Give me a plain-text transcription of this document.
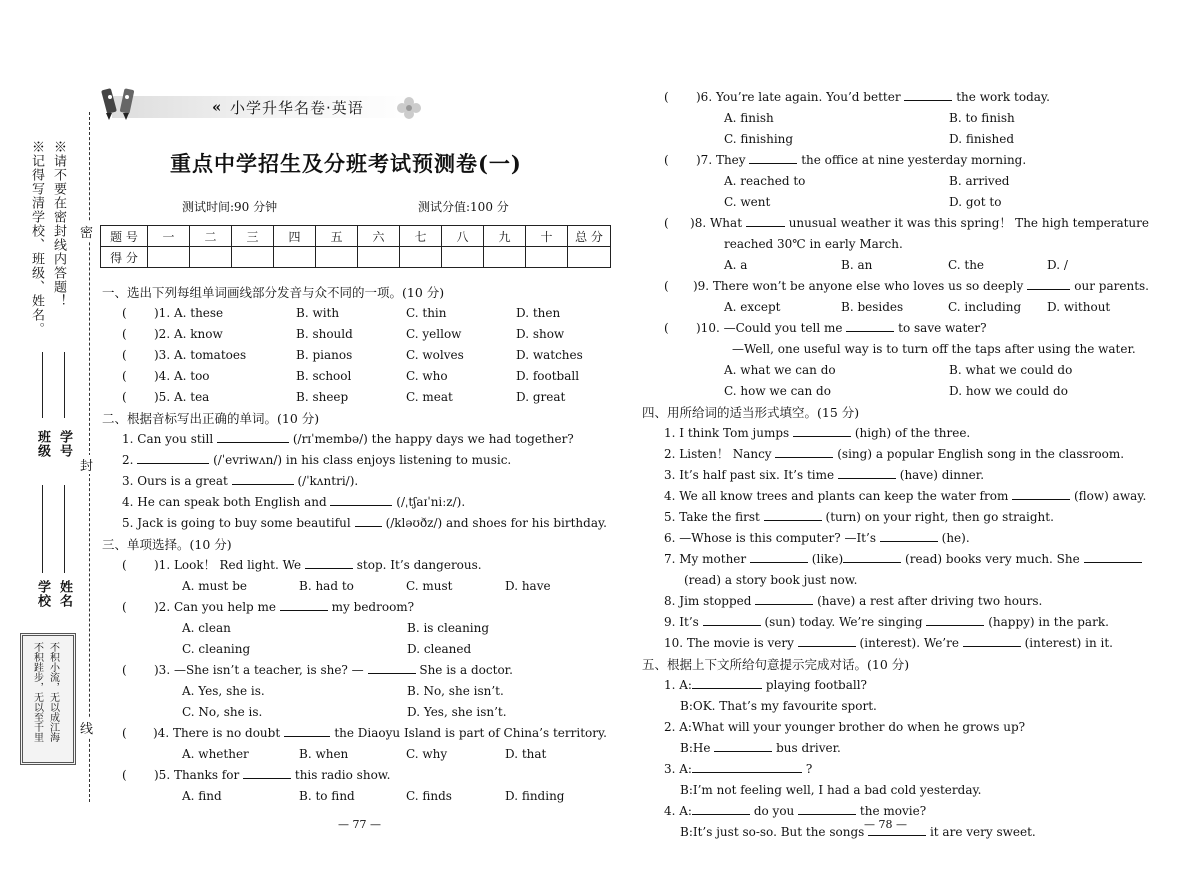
※记得写清学校、班级、姓名。 ※请不要在密封线内答题！
班级 学号
学校 姓名
不积小流，无以成江海
不积跬步，无以至千里
密
封
线
« 小学升华名卷·英语
重点中学招生及分班考试预测卷(一)
测试时间:90 分钟	测试分值:100 分
题 号	一	二	三	四	五	六	七	八	九	十	总 分
得 分											
一、选出下列每组单词画线部分发音与众不同的一项。(10 分)
(	)1. A. these	B. with	C. thin	D. then
(	)2. A. know	B. should	C. yellow	D. show
(	)3. A. tomatoes	B. pianos	C. wolves	D. watches
(	)4. A. too	B. school	C. who	D. football
(	)5. A. tea	B. sheep	C. meat	D. great
二、根据音标写出正确的单词。(10 分)
1. Can you still

	(/rɪˈmembə/) the happy days we had together?
2.

	(/ˈevriwʌn/) in his class enjoys listening to music.
3. Ours is a great

	(/ˈkʌntri/).
4. He can speak both English and

	(/ˌtʃaɪˈniːz/).
5. Jack is going to buy some beautiful

	(/kləʊðz/) and shoes for his birthday.
三、单项选择。(10 分)
(	)1. Look！ Red light. We

	stop. It’s dangerous.
A. must be	B. had to	C. must	D. have
(	)2. Can you help me

	my bedroom?
A. clean	B. is cleaning
C. cleaning	D. cleaned
(	)3. —She isn’t a teacher, is she? —

	She is a doctor.
A. Yes, she is.	B. No, she isn’t.
C. No, she is.	D. Yes, she isn’t.
(	)4. There is no doubt

	the Diaoyu Island is part of China’s territory.
A. whether	B. when	C. why	D. that
(	)5. Thanks for

	this radio show.
A. find	B. to find	C. finds	D. finding
— 77 —
(	)6. You’re late again. You’d better

	the work today.
A. finish	B. to finish
C. finishing	D. finished
(	)7. They

	the office at nine yesterday morning.
A. reached to	B. arrived
C. went	D. got to
(	)8. What

	unusual weather it was this spring！ The high temperature
reached 30℃ in early March.
A. a	B. an	C. the	D. /
(	)9. There won’t be anyone else who loves us so deeply

	our parents.
A. except	B. besides	C. including	D. without
(	)10. —Could you tell me

	to save water?
—Well, one useful way is to turn off the taps after using the water.
A. what we can do	B. what we could do
C. how we can do	D. how we could do
四、用所给词的适当形式填空。(15 分)
1. I think Tom jumps

	(high) of the three.
2. Listen！ Nancy

	(sing) a popular English song in the classroom.
3. It’s half past six. It’s time

	(have) dinner.
4. We all know trees and plants can keep the water from

	(flow) away.
5. Take the first

	(turn) on your right, then go straight.
6. —Whose is this computer? —It’s

	(he).
7. My mother

	(like)
	(read) books very much. She

(read) a story book just now.
8. Jim stopped

	(have) a rest after driving two hours.
9. It’s

	(sun) today. We’re singing

	(happy) in the park.
10. The movie is very

	(interest). We’re

	(interest) in it.
五、根据上下文所给句意提示完成对话。(10 分)
1. A:
	playing football?
B:OK. That’s my favourite sport.
2. A:What will your younger brother do when he grows up?
B:He

	bus driver.
3. A:
	?
B:I’m not feeling well, I had a bad cold yesterday.
4. A:
	do you

	the movie?
B:It’s just so-so. But the songs

	it are very sweet.
— 78 —
